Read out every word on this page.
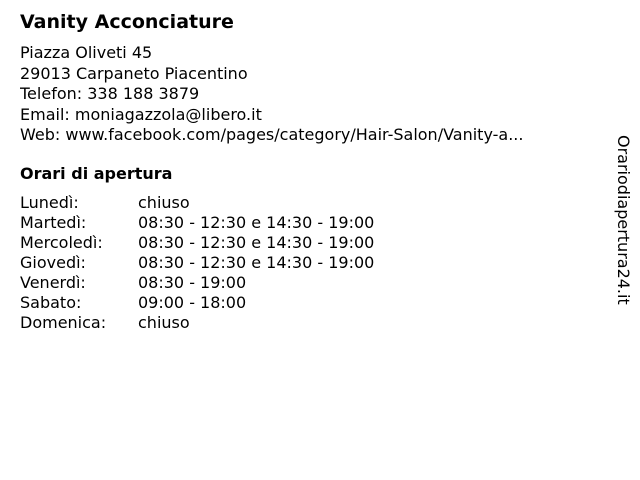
Vanity Acconciature
Piazza Oliveti 45
29013 Carpaneto Piacentino
Telefon: 338 188 3879
Email: moniagazzola@libero.it
Web: www.facebook.com/pages/category/Hair-Salon/Vanity-a...
Orari di apertura
Lunedì:	chiuso
Martedì:	08:30 - 12:30 e 14:30 - 19:00
Mercoledì:	08:30 - 12:30 e 14:30 - 19:00
Giovedì:	08:30 - 12:30 e 14:30 - 19:00
Venerdì:	08:30 - 19:00
Sabato:	09:00 - 18:00
Domenica:	chiuso
Orariodiapertura24.it
